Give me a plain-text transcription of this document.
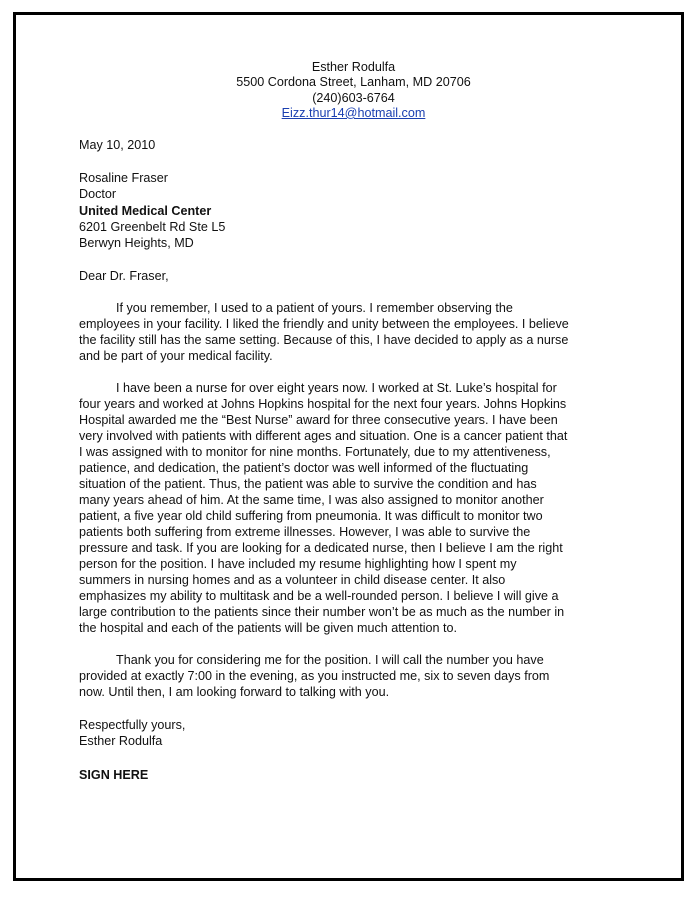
Esther Rodulfa
5500 Cordona Street, Lanham, MD 20706
(240)603-6764
Eizz.thur14@hotmail.com
May 10, 2010
Rosaline Fraser
Doctor
United Medical Center
6201 Greenbelt Rd Ste L5
Berwyn Heights, MD
Dear Dr. Fraser,
If you remember, I used to a patient of yours. I remember observing the
employees in your facility. I liked the friendly and unity between the employees. I believe
the facility still has the same setting. Because of this, I have decided to apply as a nurse
and be part of your medical facility.
I have been a nurse for over eight years now. I worked at St. Luke’s hospital for
four years and worked at Johns Hopkins hospital for the next four years. Johns Hopkins
Hospital awarded me the “Best Nurse” award for three consecutive years. I have been
very involved with patients with different ages and situation. One is a cancer patient that
I was assigned with to monitor for nine months. Fortunately, due to my attentiveness,
patience, and dedication, the patient’s doctor was well informed of the fluctuating
situation of the patient. Thus, the patient was able to survive the condition and has
many years ahead of him. At the same time, I was also assigned to monitor another
patient, a five year old child suffering from pneumonia. It was difficult to monitor two
patients both suffering from extreme illnesses. However, I was able to survive the
pressure and task. If you are looking for a dedicated nurse, then I believe I am the right
person for the position. I have included my resume highlighting how I spent my
summers in nursing homes and as a volunteer in child disease center. It also
emphasizes my ability to multitask and be a well-rounded person. I believe I will give a
large contribution to the patients since their number won’t be as much as the number in
the hospital and each of the patients will be given much attention to.
Thank you for considering me for the position. I will call the number you have
provided at exactly 7:00 in the evening, as you instructed me, six to seven days from
now. Until then, I am looking forward to talking with you.
Respectfully yours,
Esther Rodulfa
SIGN HERE
